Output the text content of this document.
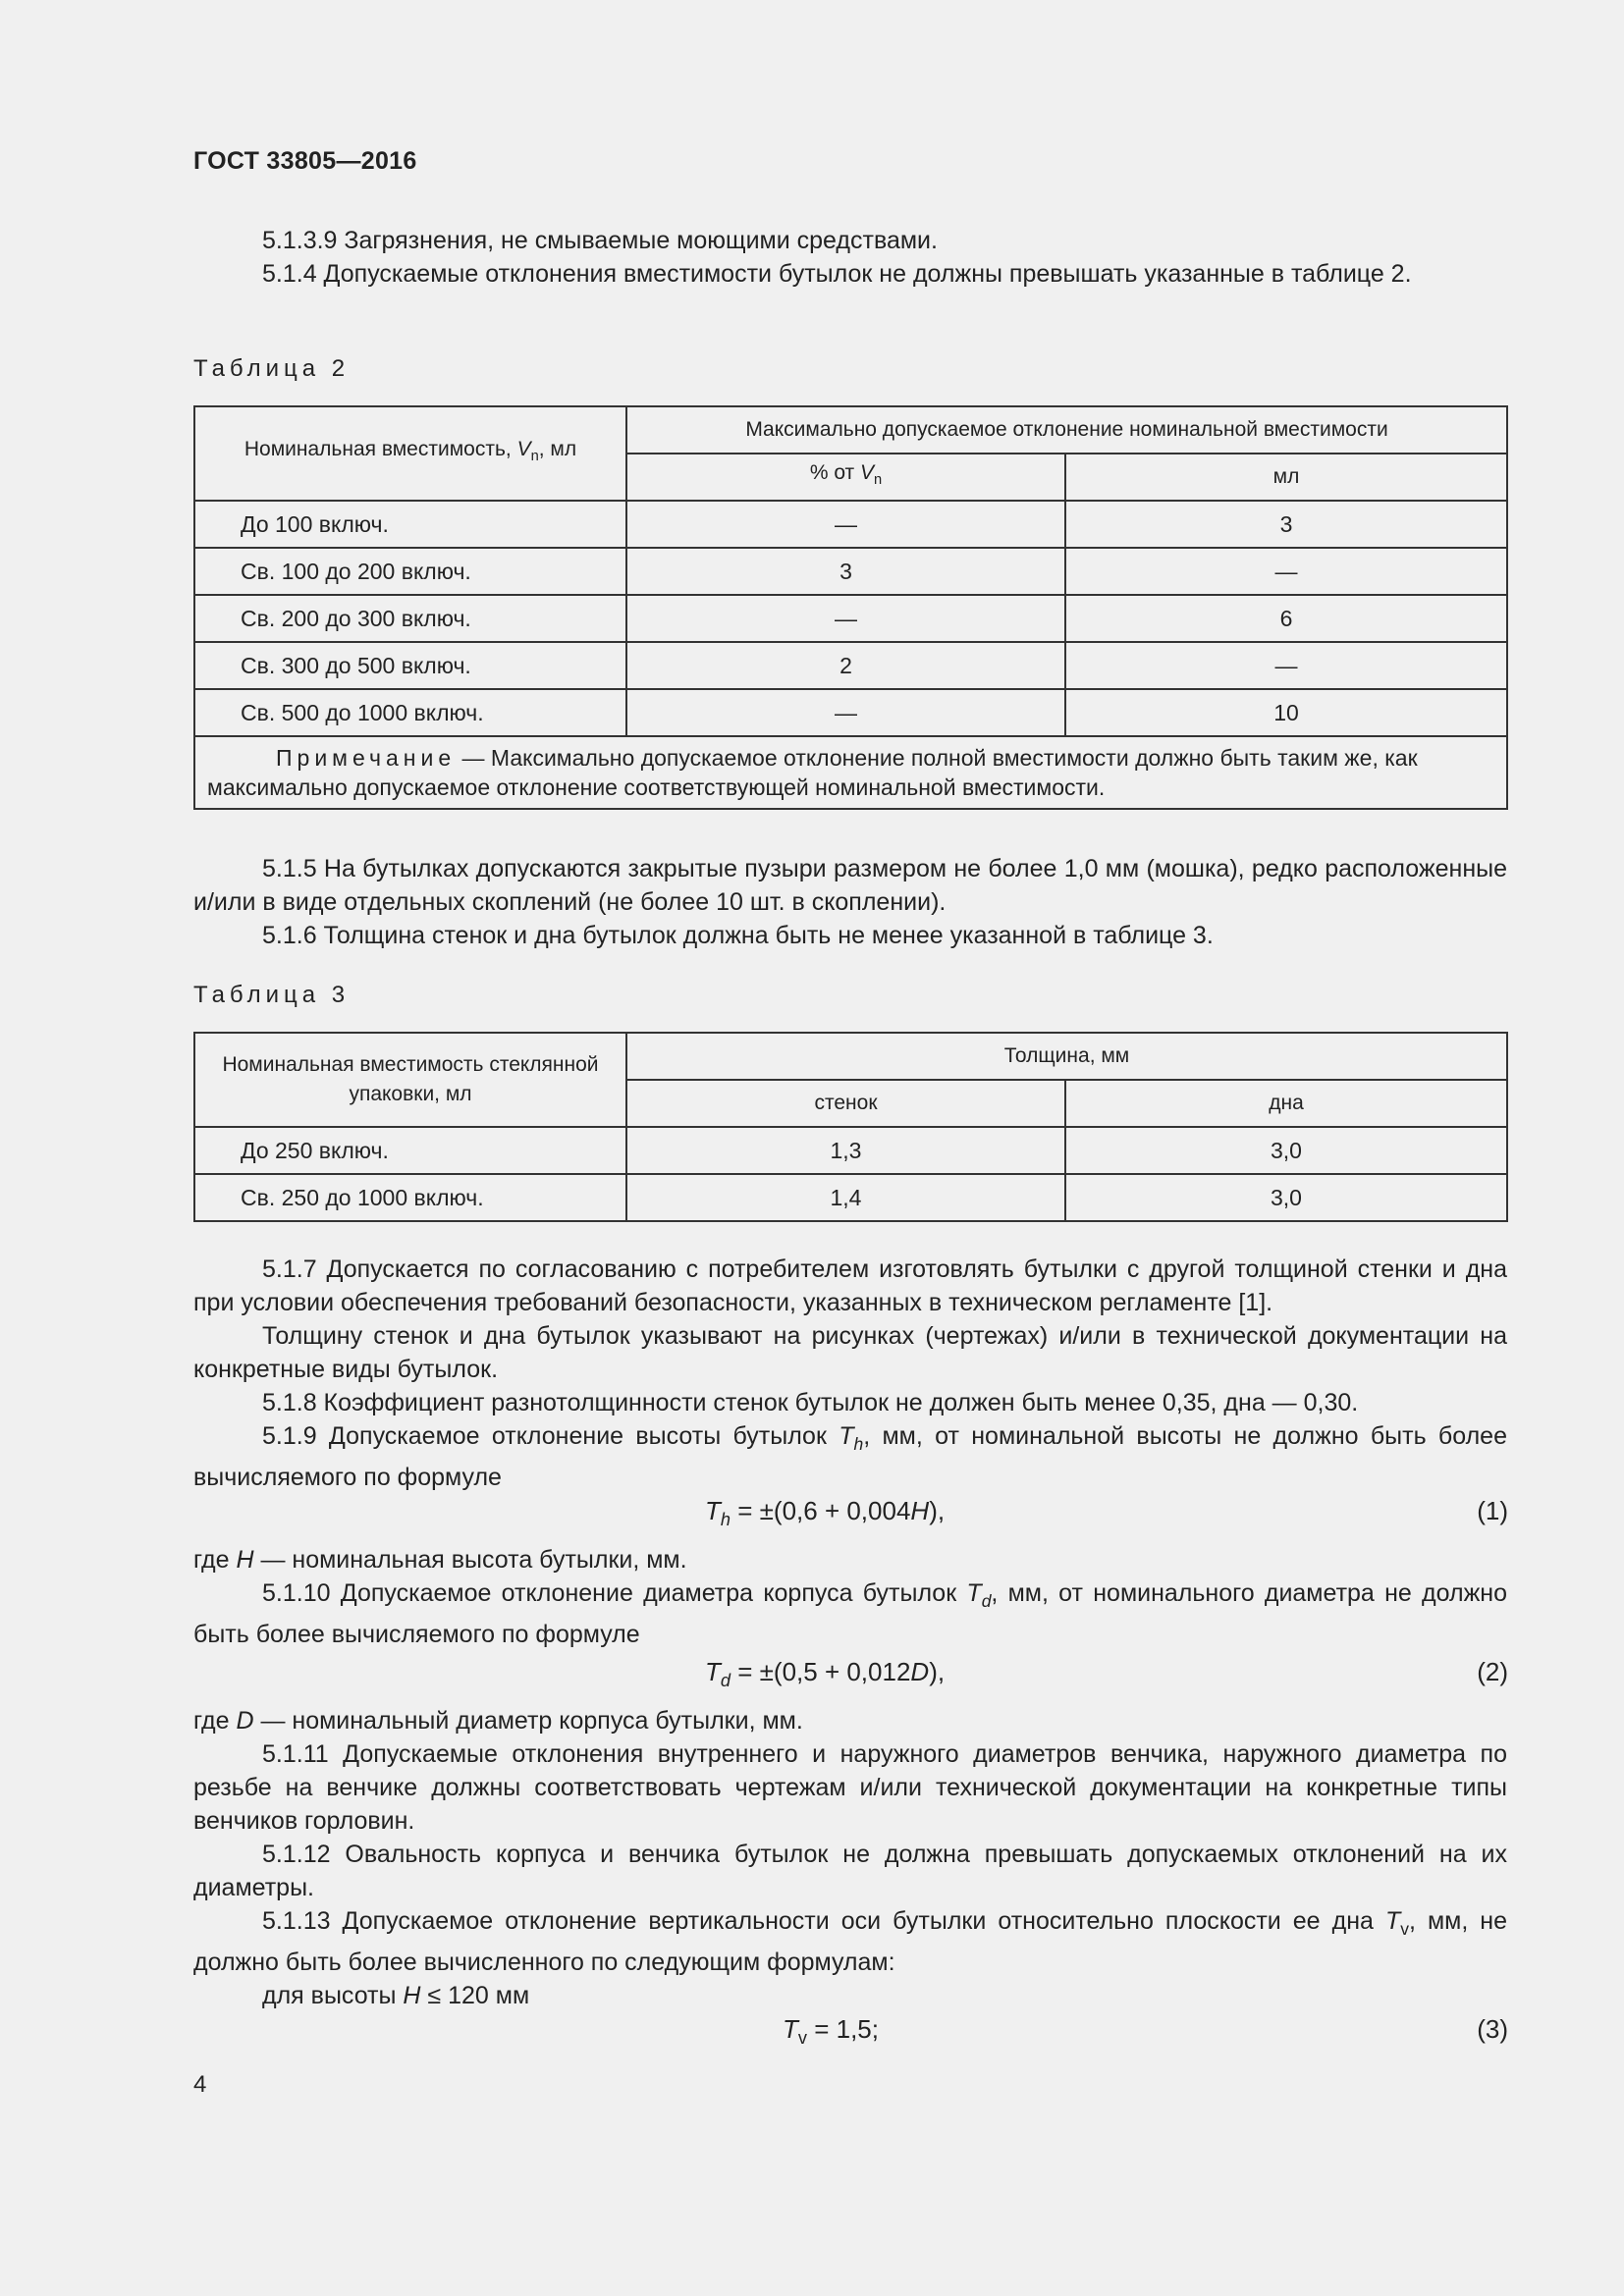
ГОСТ 33805—2016

5.1.3.9 Загрязнения, не смываемые моющими средствами.

5.1.4 Допускаемые отклонения вместимости бутылок не должны превышать указанные в таблице 2.

Таблица 2
Номинальная вместимость, $V_n$, мл	Максимально допускаемое отклонение номинальной вместимости	
	% от $V_n$	мл
До 100 включ.	—	3
Св. 100 до 200 включ.	3	—
Св. 200 до 300 включ.	—	6
Св. 300 до 500 включ.	2	—
Св. 500 до 1000 включ.	—	10
Примечание — Максимально допускаемое отклонение полной вместимости должно быть таким же, как максимально допускаемое отклонение соответствующей номинальной вместимости.		

5.1.5 На бутылках допускаются закрытые пузыри размером не более 1,0 мм (мошка), редко расположенные и/или в виде отдельных скоплений (не более 10 шт. в скоплении).

5.1.6 Толщина стенок и дна бутылок должна быть не менее указанной в таблице 3.

Таблица 3
Номинальная вместимость стеклянной упаковки, мл	Толщина, мм	
	стенок	дна
До 250 включ.	1,3	3,0
Св. 250 до 1000 включ.	1,4	3,0

5.1.7 Допускается по согласованию с потребителем изготовлять бутылки с другой толщиной стенки и дна при условии обеспечения требований безопасности, указанных в техническом регламенте [1].

Толщину стенок и дна бутылок указывают на рисунках (чертежах) и/или в технической документации на конкретные виды бутылок.

5.1.8 Коэффициент разнотолщинности стенок бутылок не должен быть менее 0,35, дна — 0,30.

5.1.9 Допускаемое отклонение высоты бутылок $T_h$, мм, от номинальной высоты не должно быть более вычисляемого по формуле

$T_h = \pm(0,6 + 0,004H)$,	(1)

где H — номинальная высота бутылки, мм.

5.1.10 Допускаемое отклонение диаметра корпуса бутылок $T_d$, мм, от номинального диаметра не должно быть более вычисляемого по формуле

$T_d = \pm(0,5 + 0,012D)$,	(2)

где D — номинальный диаметр корпуса бутылки, мм.

5.1.11 Допускаемые отклонения внутреннего и наружного диаметров венчика, наружного диаметра по резьбе на венчике должны соответствовать чертежам и/или технической документации на конкретные типы венчиков горловин.

5.1.12 Овальность корпуса и венчика бутылок не должна превышать допускаемых отклонений на их диаметры.

5.1.13 Допускаемое отклонение вертикальности оси бутылки относительно плоскости ее дна $T_v$, мм, не должно быть более вычисленного по следующим формулам:

для высоты H ≤ 120 мм

$T_v = 1,5$;	(3)
4
